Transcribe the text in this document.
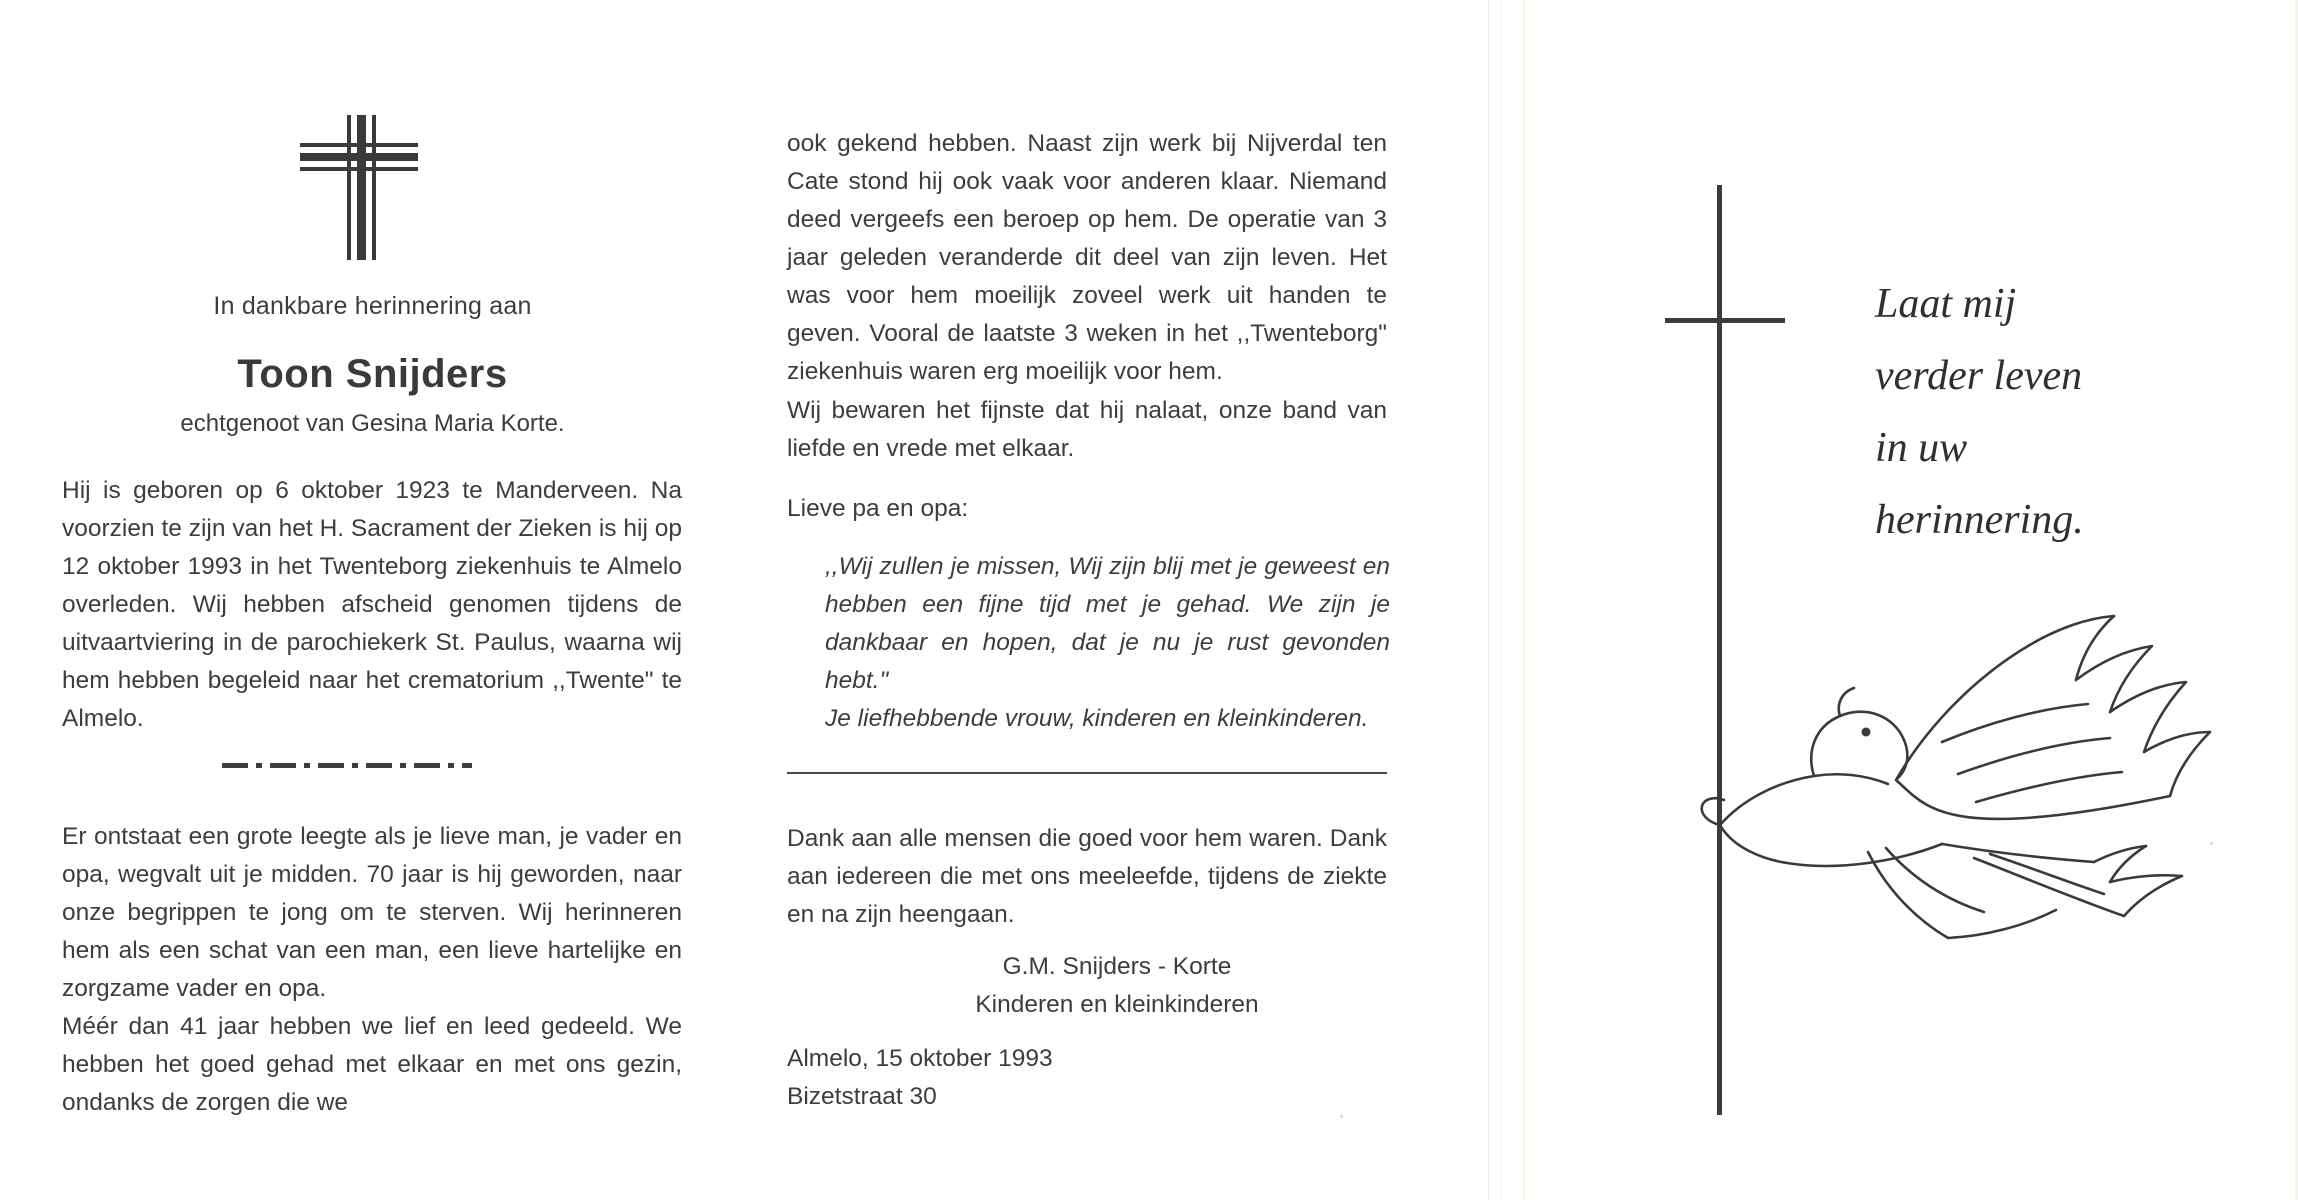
In dankbare herinnering aan
Toon Snijders
echtgenoot van Gesina Maria Korte.

Hij is geboren op 6 oktober 1923 te Manderveen. Na voorzien te zijn van het H. Sacrament der Zieken is hij op 12 oktober 1993 in het Twenteborg ziekenhuis te Almelo overleden. Wij hebben afscheid genomen tijdens de uitvaartviering in de parochiekerk St. Paulus, waarna wij hem hebben begeleid naar het crematorium ,,Twente" te Almelo.

Er ontstaat een grote leegte als je lieve man, je vader en opa, wegvalt uit je midden. 70 jaar is hij geworden, naar onze begrippen te jong om te sterven. Wij herinneren hem als een schat van een man, een lieve hartelijke en zorgzame vader en opa.

Méér dan 41 jaar hebben we lief en leed gedeeld. We hebben het goed gehad met elkaar en met ons gezin, ondanks de zorgen die we

ook gekend hebben. Naast zijn werk bij Nijverdal ten Cate stond hij ook vaak voor anderen klaar. Niemand deed vergeefs een beroep op hem. De operatie van 3 jaar geleden veranderde dit deel van zijn leven. Het was voor hem moeilijk zoveel werk uit handen te geven. Vooral de laatste 3 weken in het ,,Twenteborg" ziekenhuis waren erg moeilijk voor hem.

Wij bewaren het fijnste dat hij nalaat, onze band van liefde en vrede met elkaar.

Lieve pa en opa:

,,Wij zullen je missen, Wij zijn blij met je geweest en hebben een fijne tijd met je gehad. We zijn je dankbaar en hopen, dat je nu je rust gevonden hebt."

Je liefhebbende vrouw, kinderen en kleinkinderen.

Dank aan alle mensen die goed voor hem waren. Dank aan iedereen die met ons meeleefde, tijdens de ziekte en na zijn heengaan.

G.M. Snijders - Korte
Kinderen en kleinkinderen
Almelo, 15 oktober 1993
Bizetstraat 30
Laat mij
verder leven
in uw
herinnering.
